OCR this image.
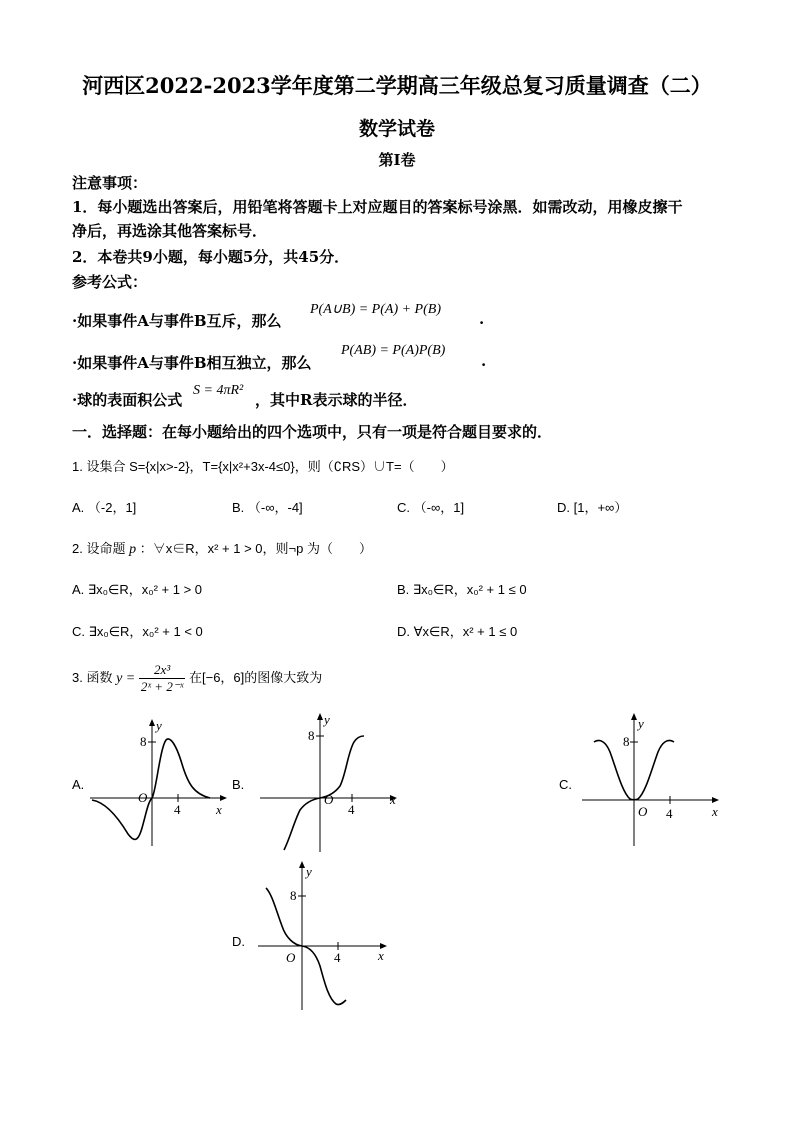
河西区2022-2023学年度第二学期高三年级总复习质量调查（二）
数学试卷
第I卷
注意事项：
1．每小题选出答案后，用铅笔将答题卡上对应题目的答案标号涂黑．如需改动，用橡皮擦干
净后，再选涂其他答案标号．
2．本卷共9小题，每小题5分，共45分．
参考公式：
·如果事件A与事件B互斥，那么
P(A∪B) = P(A) + P(B)
.
·如果事件A与事件B相互独立，那么
P(AB) = P(A)P(B)
.
·球的表面积公式
S = 4πR²
，其中R表示球的半径．
一．选择题：在每小题给出的四个选项中，只有一项是符合题目要求的．
1. 设集合 S={x|x>-2}，T={x|x²+3x-4≤0}，则（∁RS）∪T=（　　）
A. （-2，1]	B. （-∞，-4]	C. （-∞，1]	D. [1，+∞）
2. 设命题 p ：∀x∈R，x² + 1 > 0，则¬p 为（　　）
A. ∃x₀∈R，x₀² + 1 > 0	B. ∃x₀∈R，x₀² + 1 ≤ 0
C. ∃x₀∈R，x₀² + 1 < 0	D. ∀x∈R，x² + 1 ≤ 0
3. 函数 $y = \frac{\text{2x³}}{\text{2ˣ + 2⁻ˣ}}$ 在[−6，6]的图像大致为
A.
8
4
O
x
y
B.
8
4
O	x
y
C.
8
4
O	x
y
D.
8
4
O	x
y
